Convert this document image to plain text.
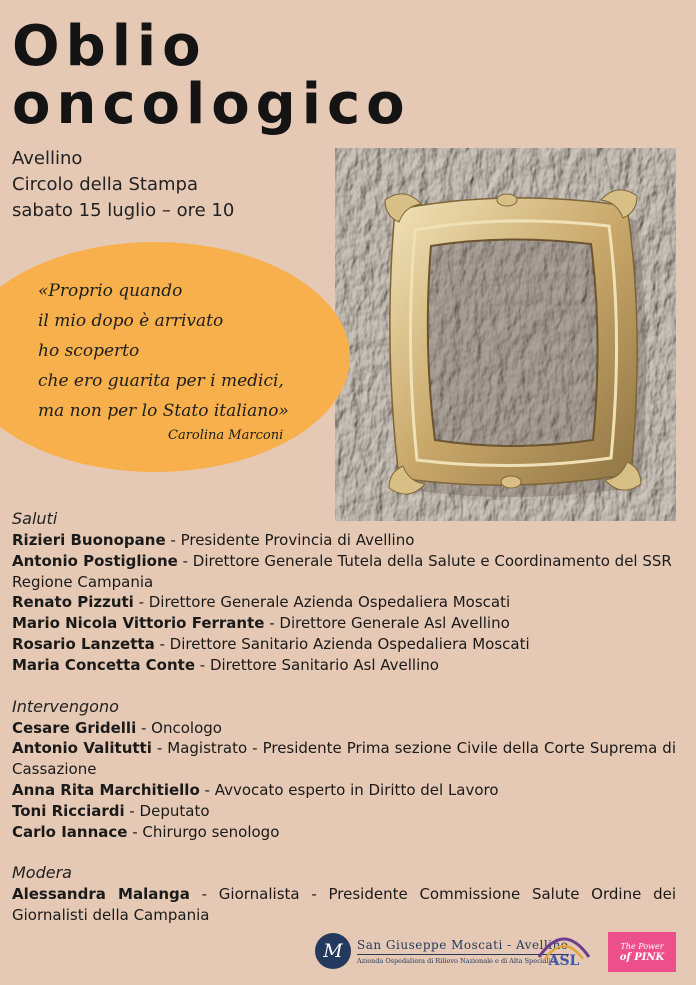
Oblio
oncologico
Avellino
Circolo della Stampa
sabato 15 luglio – ore 10
«Proprio quando
il mio dopo è arrivato
ho scoperto
che ero guarita per i medici,
ma non per lo Stato italiano»
Carolina Marconi
Saluti
Rizieri Buonopane - Presidente Provincia di Avellino
Antonio Postiglione - Direttore Generale Tutela della Salute e Coordinamento del SSR Regione Campania
Renato Pizzuti - Direttore Generale Azienda Ospedaliera Moscati
Mario Nicola Vittorio Ferrante - Direttore Generale Asl Avellino
Rosario Lanzetta - Direttore Sanitario Azienda Ospedaliera Moscati
Maria Concetta Conte - Direttore Sanitario Asl Avellino
Intervengono
Cesare Gridelli - Oncologo
Antonio Valitutti - Magistrato - Presidente Prima sezione Civile della Corte Suprema di Cassazione
Anna Rita Marchitiello - Avvocato esperto in Diritto del Lavoro
Toni Ricciardi - Deputato
Carlo Iannace - Chirurgo senologo
Modera
Alessandra Malanga - Giornalista - Presidente Commissione Salute Ordine dei Giornalisti della Campania
M	San Giuseppe Moscati - Avellino
Azienda Ospedaliera di Rilievo Nazionale e di Alta Specialità
ASL
The Power
of PINK
